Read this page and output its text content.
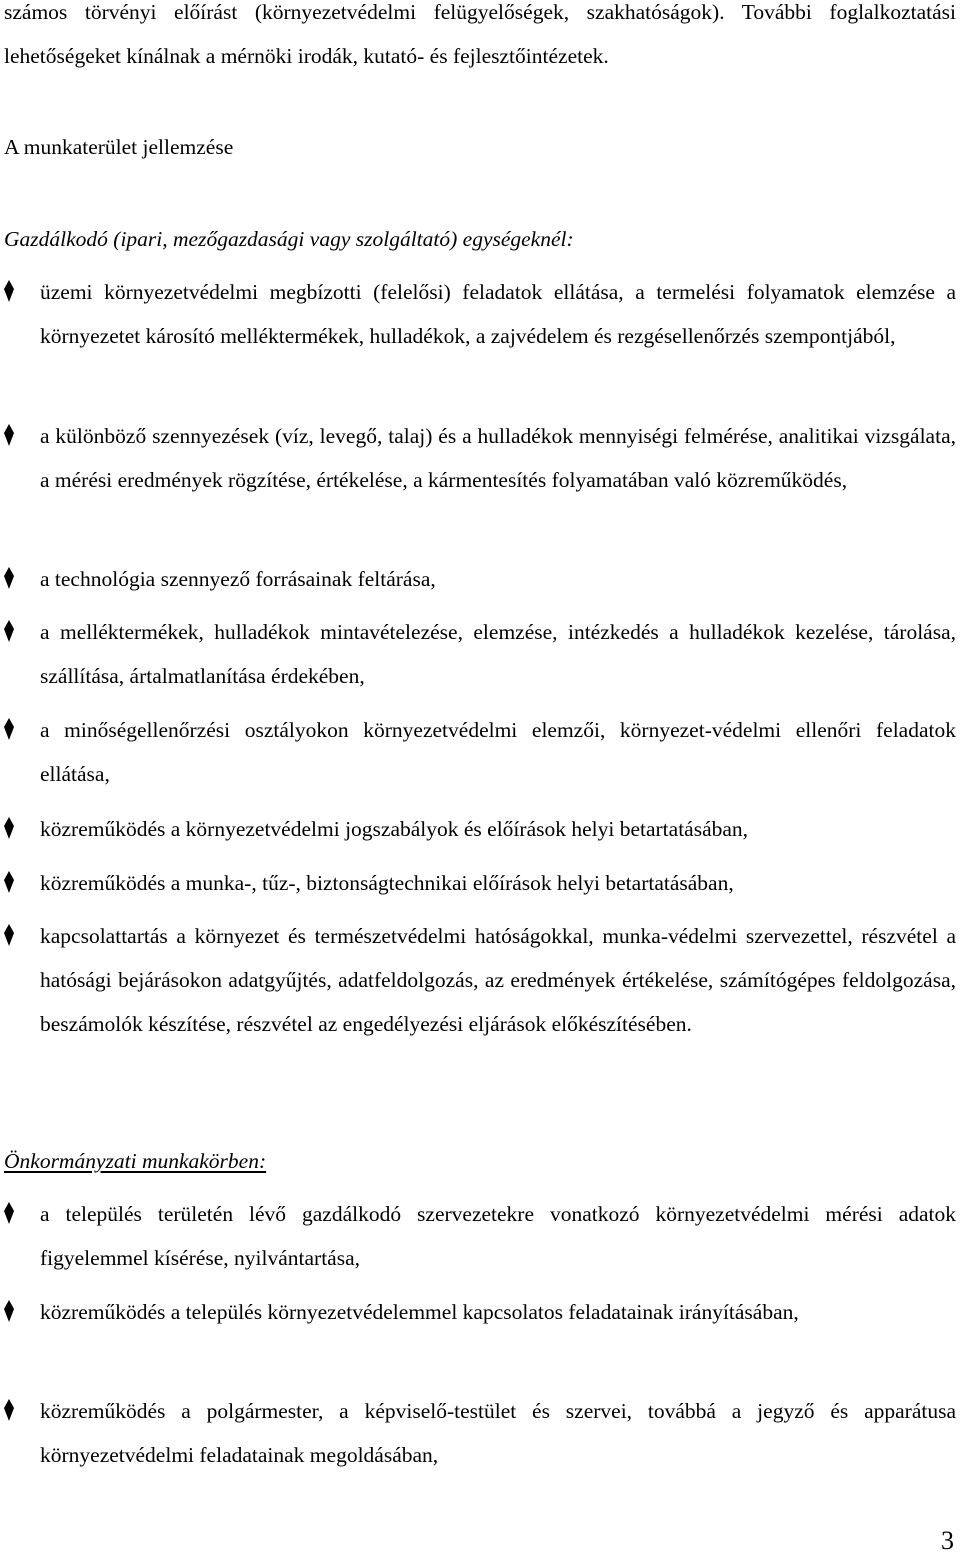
számos törvényi előírást (környezetvédelmi felügyelőségek, szakhatóságok). További foglalkoztatási lehetőségeket kínálnak a mérnöki irodák, kutató- és fejlesztőintézetek.
A munkaterület jellemzése
Gazdálkodó (ipari, mezőgazdasági vagy szolgáltató) egységeknél:
üzemi környezetvédelmi megbízotti (felelősi) feladatok ellátása, a termelési folyamatok elemzése a környezetet károsító melléktermékek, hulladékok, a zajvédelem és rezgésellenőrzés szempontjából,
a különböző szennyezések (víz, levegő, talaj) és a hulladékok mennyiségi felmérése, analitikai vizsgálata, a mérési eredmények rögzítése, értékelése, a kármentesítés folyamatában való közreműködés,
a technológia szennyező forrásainak feltárása,
a melléktermékek, hulladékok mintavételezése, elemzése, intézkedés a hulladékok kezelése, tárolása, szállítása, ártalmatlanítása érdekében,
a minőségellenőrzési osztályokon környezetvédelmi elemzői, környezet-védelmi ellenőri feladatok ellátása,
közreműködés a környezetvédelmi jogszabályok és előírások helyi betartatásában,
közreműködés a munka-, tűz-, biztonságtechnikai előírások helyi betartatásában,
kapcsolattartás a környezet és természetvédelmi hatóságokkal, munka-védelmi szervezettel, részvétel a hatósági bejárásokon adatgyűjtés, adatfeldolgozás, az eredmények értékelése, számítógépes feldolgozása, beszámolók készítése, részvétel az engedélyezési eljárások előkészítésében.
Önkormányzati munkakörben:
a település területén lévő gazdálkodó szervezetekre vonatkozó környezetvédelmi mérési adatok figyelemmel kísérése, nyilvántartása,
közreműködés a település környezetvédelemmel kapcsolatos feladatainak irányításában,
közreműködés a polgármester, a képviselő-testület és szervei, továbbá a jegyző és apparátusa környezetvédelmi feladatainak megoldásában,
3
